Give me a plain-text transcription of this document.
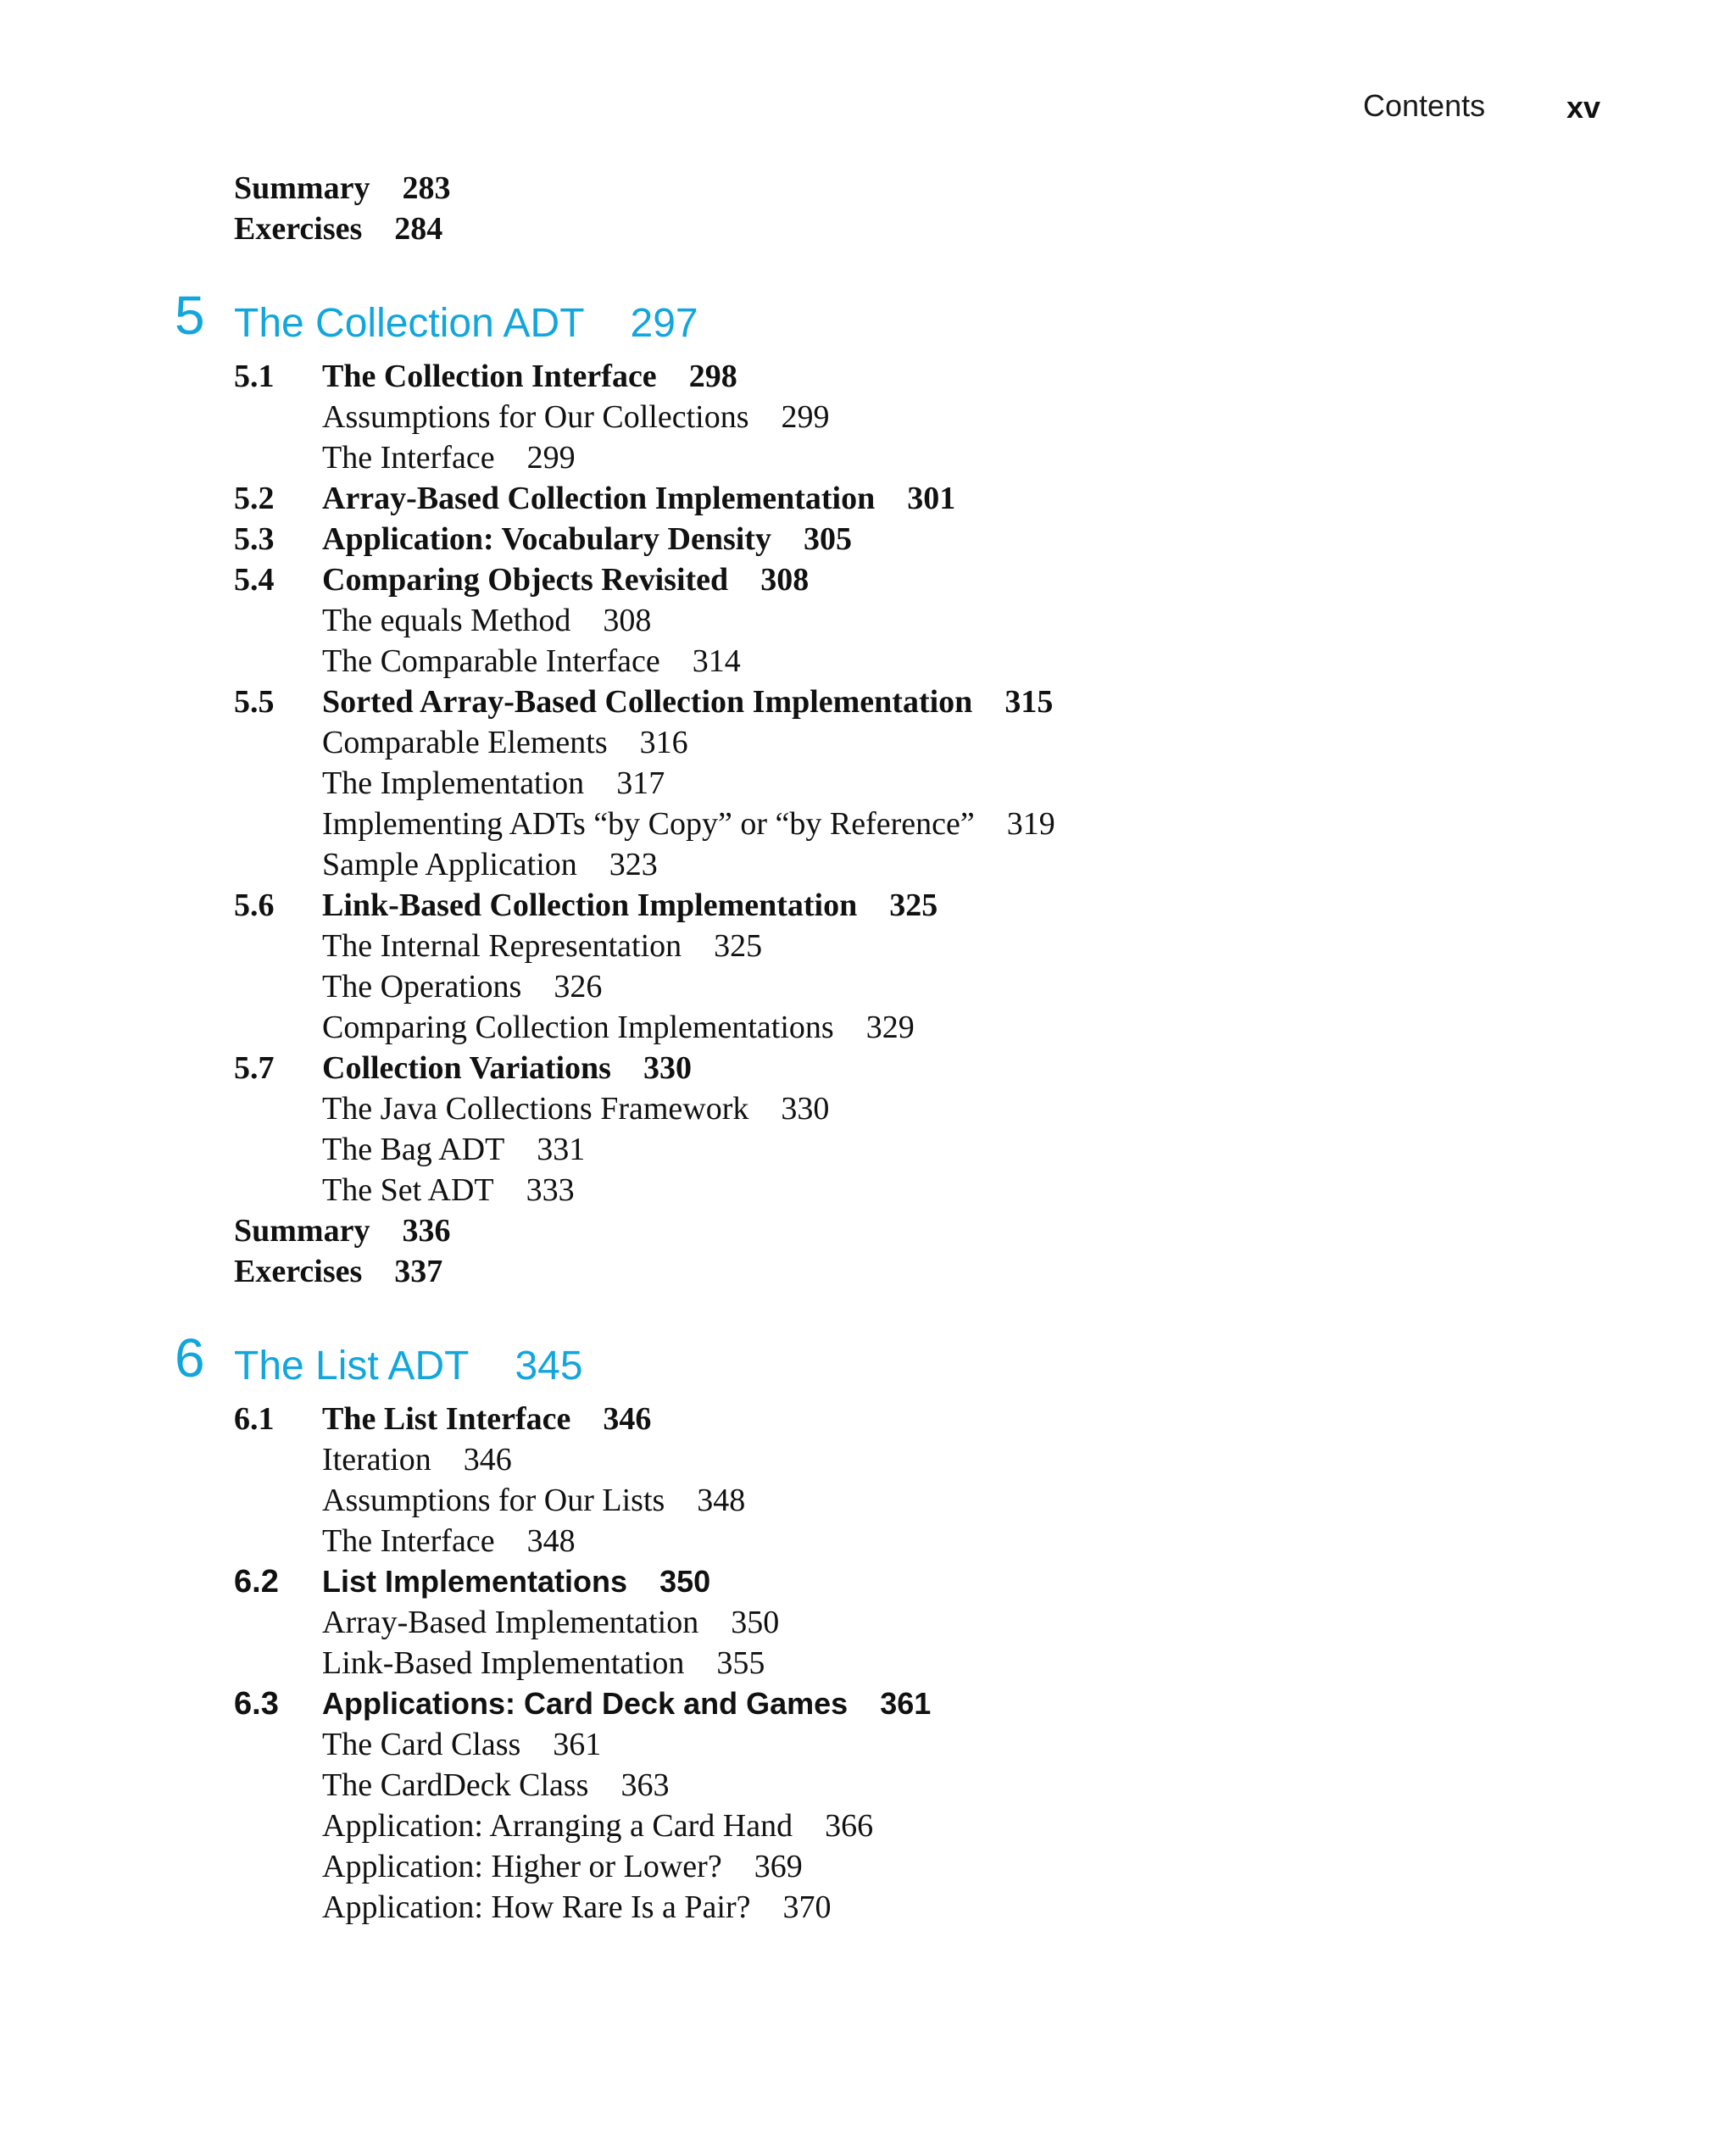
Contents	xv
Summary 283
Exercises 284
5 The Collection ADT 297
5.1 The Collection Interface 298
Assumptions for Our Collections 299
The Interface 299
5.2 Array-Based Collection Implementation 301
5.3 Application: Vocabulary Density 305
5.4 Comparing Objects Revisited 308
The equals Method 308
The Comparable Interface 314
5.5 Sorted Array-Based Collection Implementation 315
Comparable Elements 316
The Implementation 317
Implementing ADTs “by Copy” or “by Reference” 319
Sample Application 323
5.6 Link-Based Collection Implementation 325
The Internal Representation 325
The Operations 326
Comparing Collection Implementations 329
5.7 Collection Variations 330
The Java Collections Framework 330
The Bag ADT 331
The Set ADT 333
Summary 336
Exercises 337
6 The List ADT 345
6.1 The List Interface 346
Iteration 346
Assumptions for Our Lists 348
The Interface 348
6.2 List Implementations 350
Array-Based Implementation 350
Link-Based Implementation 355
6.3 Applications: Card Deck and Games 361
The Card Class 361
The CardDeck Class 363
Application: Arranging a Card Hand 366
Application: Higher or Lower? 369
Application: How Rare Is a Pair? 370
